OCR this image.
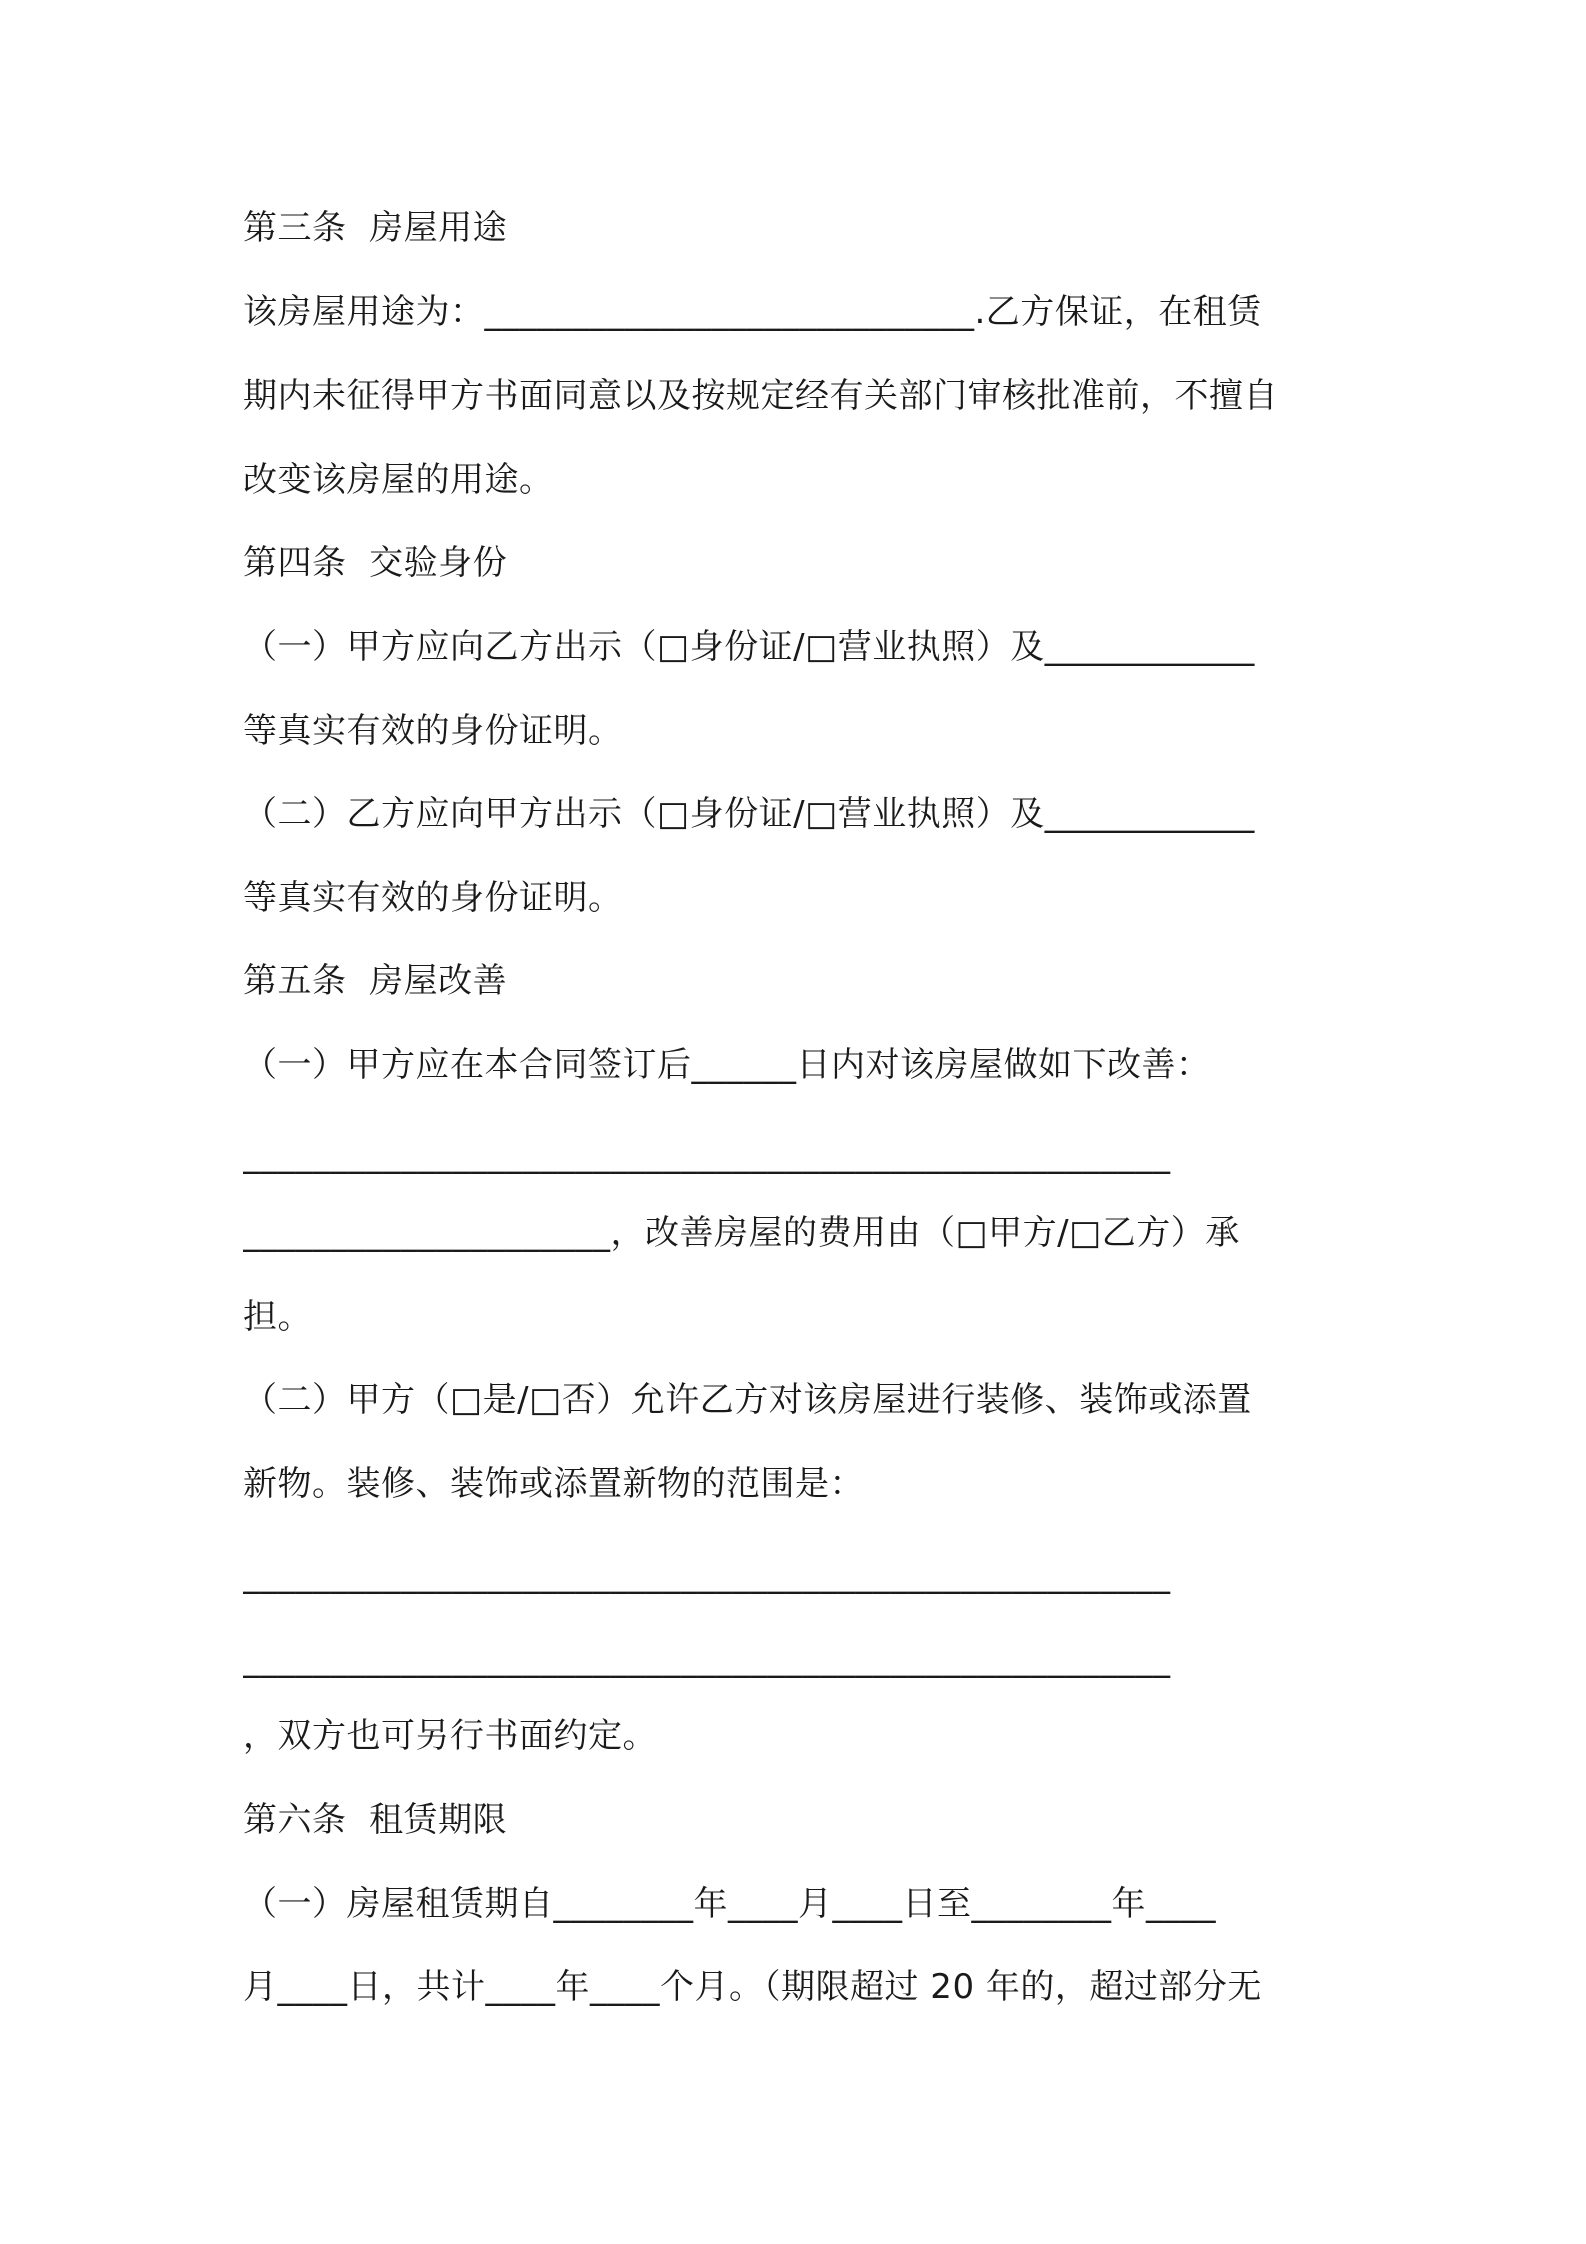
第三条  房屋用途
该房屋用途为：____________________________.乙方保证，在租赁
期内未征得甲方书面同意以及按规定经有关部门审核批准前，不擅自
改变该房屋的用途。
第四条  交验身份
（一）甲方应向乙方出示（□身份证/□营业执照）及____________
等真实有效的身份证明。
（二）乙方应向甲方出示（□身份证/□营业执照）及____________
等真实有效的身份证明。
第五条  房屋改善
（一）甲方应在本合同签订后______日内对该房屋做如下改善：
_____________________________________________________
_____________________，改善房屋的费用由（□甲方/□乙方）承
担。
（二）甲方（□是/□否）允许乙方对该房屋进行装修、装饰或添置
新物。装修、装饰或添置新物的范围是：
_____________________________________________________
_____________________________________________________
，双方也可另行书面约定。
第六条  租赁期限
（一）房屋租赁期自________年____月____日至________年____
月____日，共计____年____个月。（期限超过 20 年的，超过部分无
